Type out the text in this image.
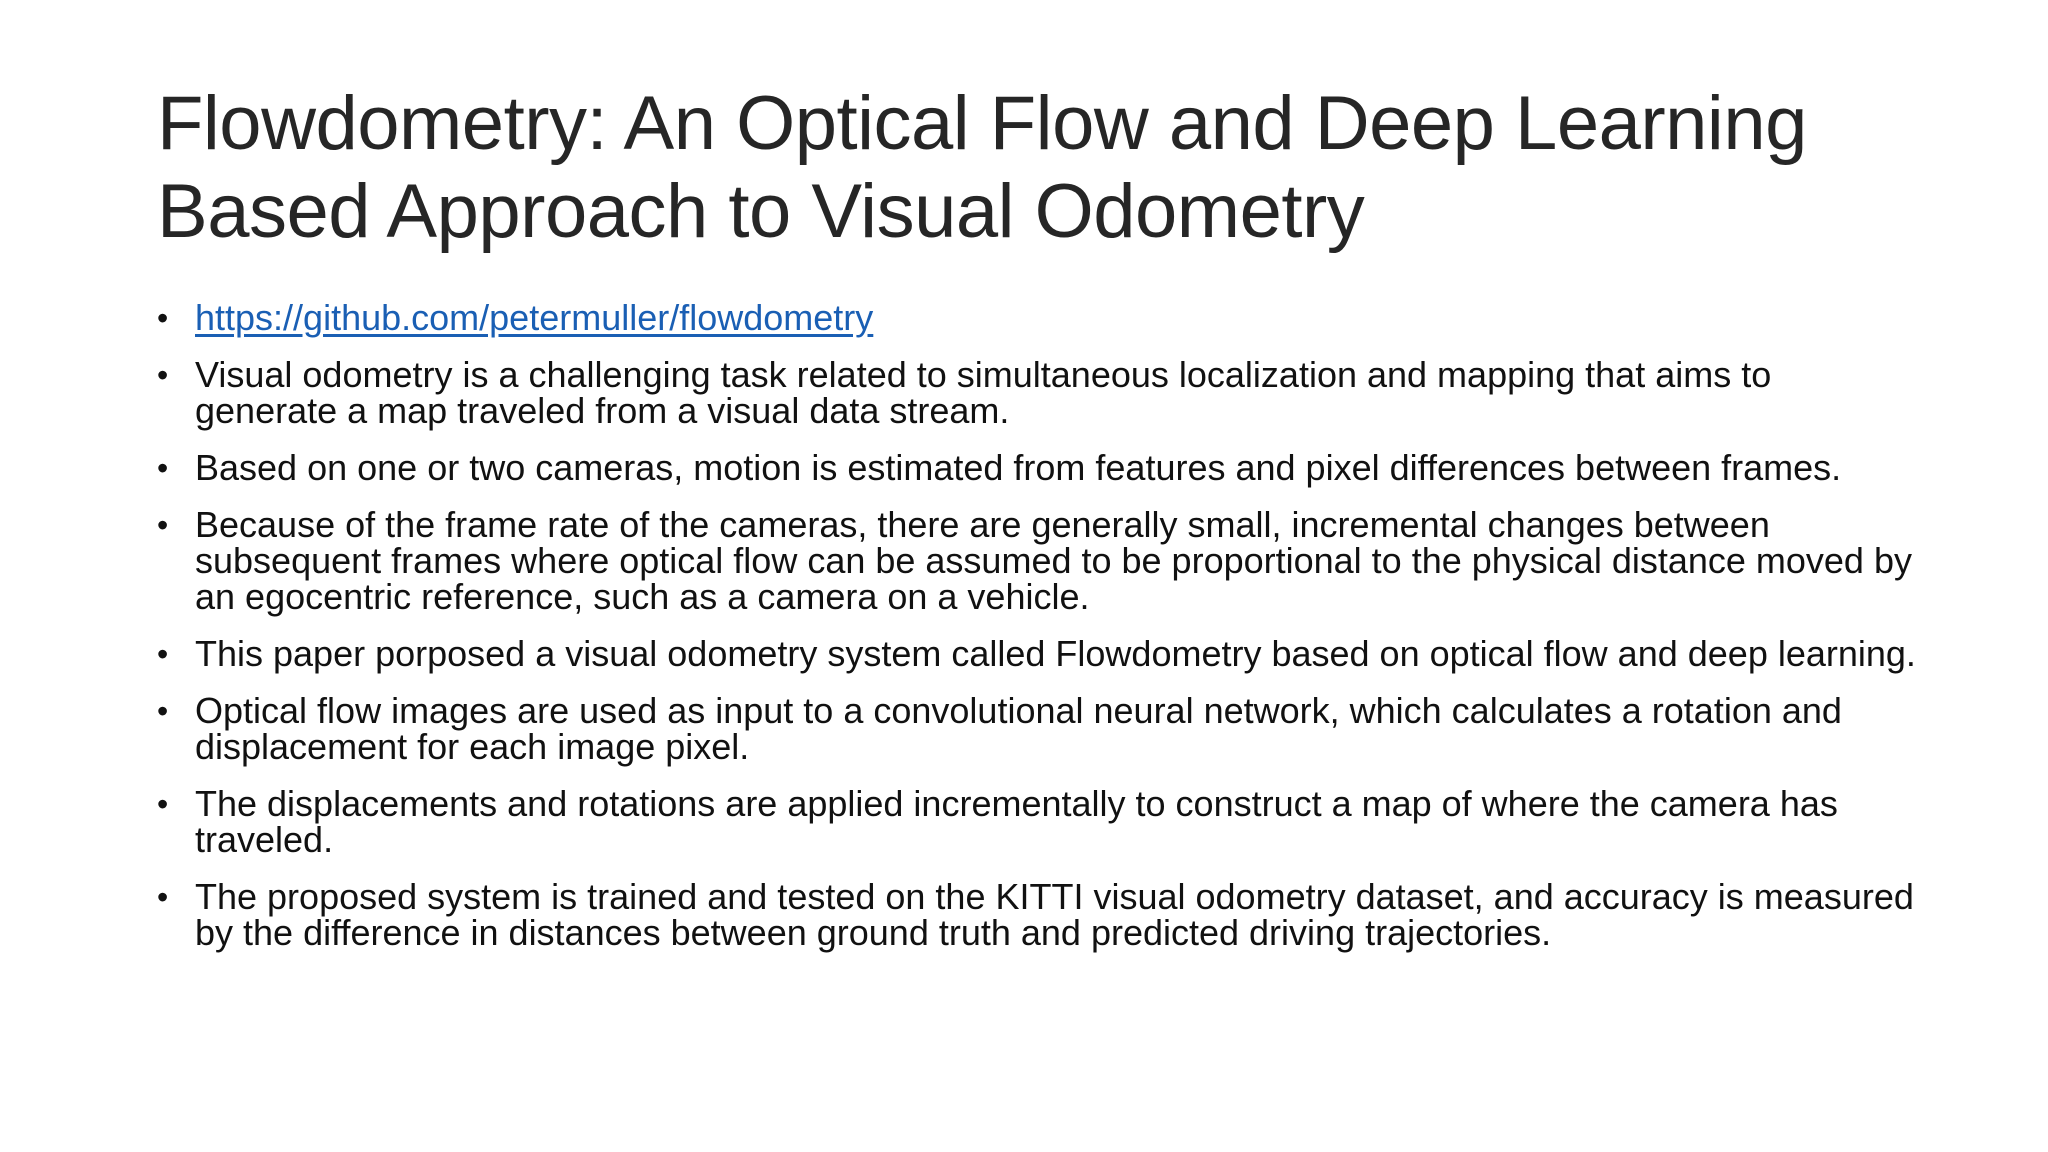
Flowdometry: An Optical Flow and Deep Learning
Based Approach to Visual Odometry
• https://github.com/petermuller/flowdometry
• Visual odometry is a challenging task related to simultaneous localization and mapping that aims to generate a map traveled from a visual data stream.
• Based on one or two cameras, motion is estimated from features and pixel differences between frames.
• Because of the frame rate of the cameras, there are generally small, incremental changes between subsequent frames where optical flow can be assumed to be proportional to the physical distance moved by an egocentric reference, such as a camera on a vehicle.
• This paper porposed a visual odometry system called Flowdometry based on optical flow and deep learning.
• Optical flow images are used as input to a convolutional neural network, which calculates a rotation and displacement for each image pixel.
• The displacements and rotations are applied incrementally to construct a map of where the camera has traveled.
• The proposed system is trained and tested on the KITTI visual odometry dataset, and accuracy is measured by the difference in distances between ground truth and predicted driving trajectories.
